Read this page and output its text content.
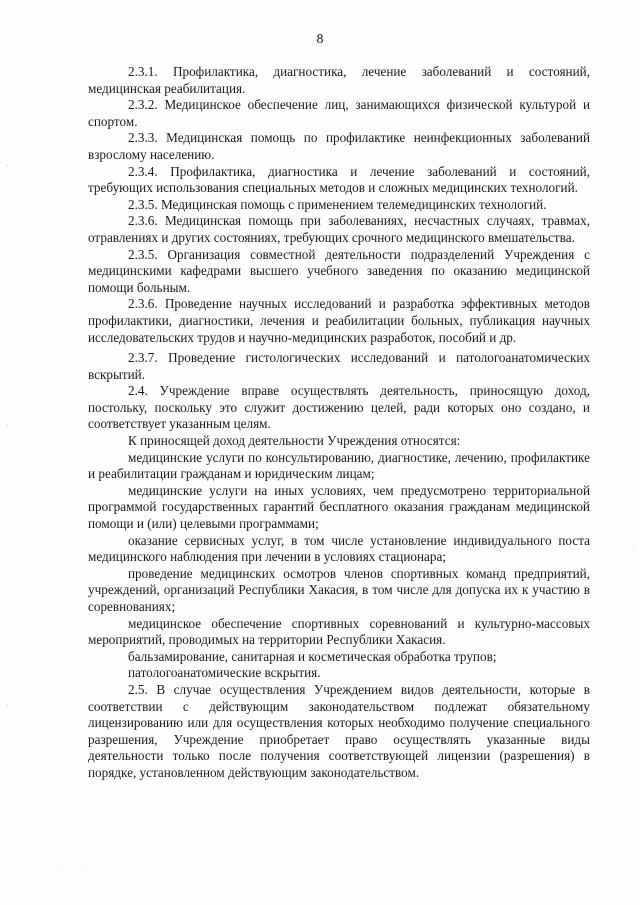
8

2.3.1. Профилактика, диагностика, лечение заболеваний и состояний, медицинская реабилитация.

2.3.2. Медицинское обеспечение лиц, занимающихся физической культурой и спортом.

2.3.3. Медицинская помощь по профилактике неинфекционных заболеваний взрослому населению.

2.3.4. Профилактика, диагностика и лечение заболеваний и состояний, требующих использования специальных методов и сложных медицинских технологий.

2.3.5. Медицинская помощь с применением телемедицинских технологий.

2.3.6. Медицинская помощь при заболеваниях, несчастных случаях, травмах, отравлениях и других состояниях, требующих срочного медицинского вмешательства.

2.3.5. Организация совместной деятельности подразделений Учреждения с медицинскими кафедрами высшего учебного заведения по оказанию медицинской помощи больным.

2.3.6. Проведение научных исследований и разработка эффективных методов профилактики, диагностики, лечения и реабилитации больных, публикация научных исследовательских трудов и научно-медицинских разработок, пособий и др.

2.3.7. Проведение гистологических исследований и патологоанатомических вскрытий.

2.4. Учреждение вправе осуществлять деятельность, приносящую доход, постольку, поскольку это служит достижению целей, ради которых оно создано, и соответствует указанным целям.

К приносящей доход деятельности Учреждения относятся:

медицинские услуги по консультированию, диагностике, лечению, профилактике и реабилитации гражданам и юридическим лицам;

медицинские услуги на иных условиях, чем предусмотрено территориальной программой государственных гарантий бесплатного оказания гражданам медицинской помощи и (или) целевыми программами;

оказание сервисных услуг, в том числе установление индивидуального поста медицинского наблюдения при лечении в условиях стационара;

проведение медицинских осмотров членов спортивных команд предприятий, учреждений, организаций Республики Хакасия, в том числе для допуска их к участию в соревнованиях;

медицинское обеспечение спортивных соревнований и культурно-массовых мероприятий, проводимых на территории Республики Хакасия.

бальзамирование, санитарная и косметическая обработка трупов;

патологоанатомические вскрытия.

2.5. В случае осуществления Учреждением видов деятельности, которые в соответствии с действующим законодательством подлежат обязательному лицензированию или для осуществления которых необходимо получение специального разрешения, Учреждение приобретает право осуществлять указанные виды деятельности только после получения соответствующей лицензии (разрешения) в порядке, установленном действующим законодательством.

·
·
·
·
· · ·
